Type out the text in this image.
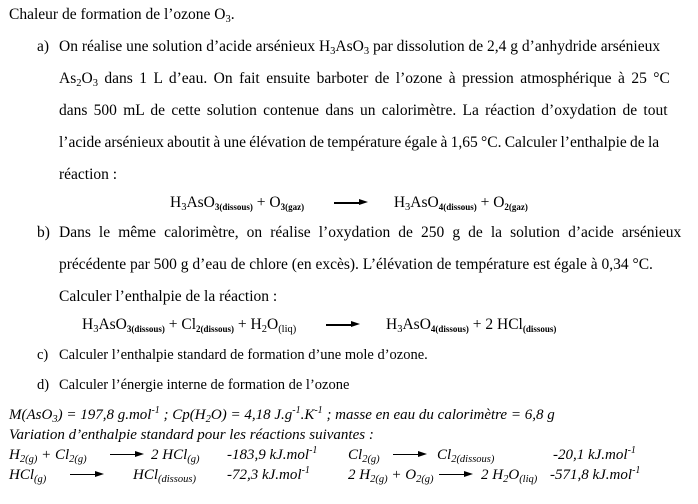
Chaleur de formation de l’ozone $O_3$.
a) On réalise une solution d’acide arsénieux $H_3AsO_3$ par dissolution de 2,4 g d’anhydride arsénieux
$As_2O_3$ dans 1 L d’eau. On fait ensuite barboter de l’ozone à pression atmosphérique à 25 °C
dans 500 mL de cette solution contenue dans un calorimètre. La réaction d’oxydation de tout
l’acide arsénieux aboutit à une élévation de température égale à 1,65 °C. Calculer l’enthalpie de la
réaction :
$H_3AsO_{3(dissous)} + O_{3(gaz)}$	$H_3AsO_{4(dissous)} + O_{2(gaz)}$
b) Dans le même calorimètre, on réalise l’oxydation de 250 g de la solution d’acide arsénieux
précédente par 500 g d’eau de chlore (en excès). L’élévation de température est égale à 0,34 °C.
Calculer l’enthalpie de la réaction :
$H_3AsO_{3(dissous)} + Cl_{2(dissous)} + H_2O_{(liq)}$	$H_3AsO_{4(dissous)} + 2$ HCl$_{(dissous)}$
c) Calculer l’enthalpie standard de formation d’une mole d’ozone.
d) Calculer l’énergie interne de formation de l’ozone
M(AsO$_3$) = 197,8 g.mol$^{-1}$ ; $Cp(H_2O) = 4,18$ $J.g^{-1}.K^{-1}$ ; masse en eau du calorimètre = 6,8 g
Variation d’enthalpie standard pour les réactions suivantes :
$H_{2(g)} + Cl_{2(g)}$	2 HCl$_{(g)}$ -183,9 kJ.mol$^{-1}$ $Cl_{2(g)}$	$Cl_{2(dissous)}$	-20,1 kJ.mol$^{-1}$
HCl$_{(g)}$	HCl$_{(dissous)}$ -72,3 kJ.mol$^{-1}$	2 $H_{2(g)} + O_{2(g)}$	2 $H_2O_{(liq)}$ -571,8 kJ.mol$^{-1}$
